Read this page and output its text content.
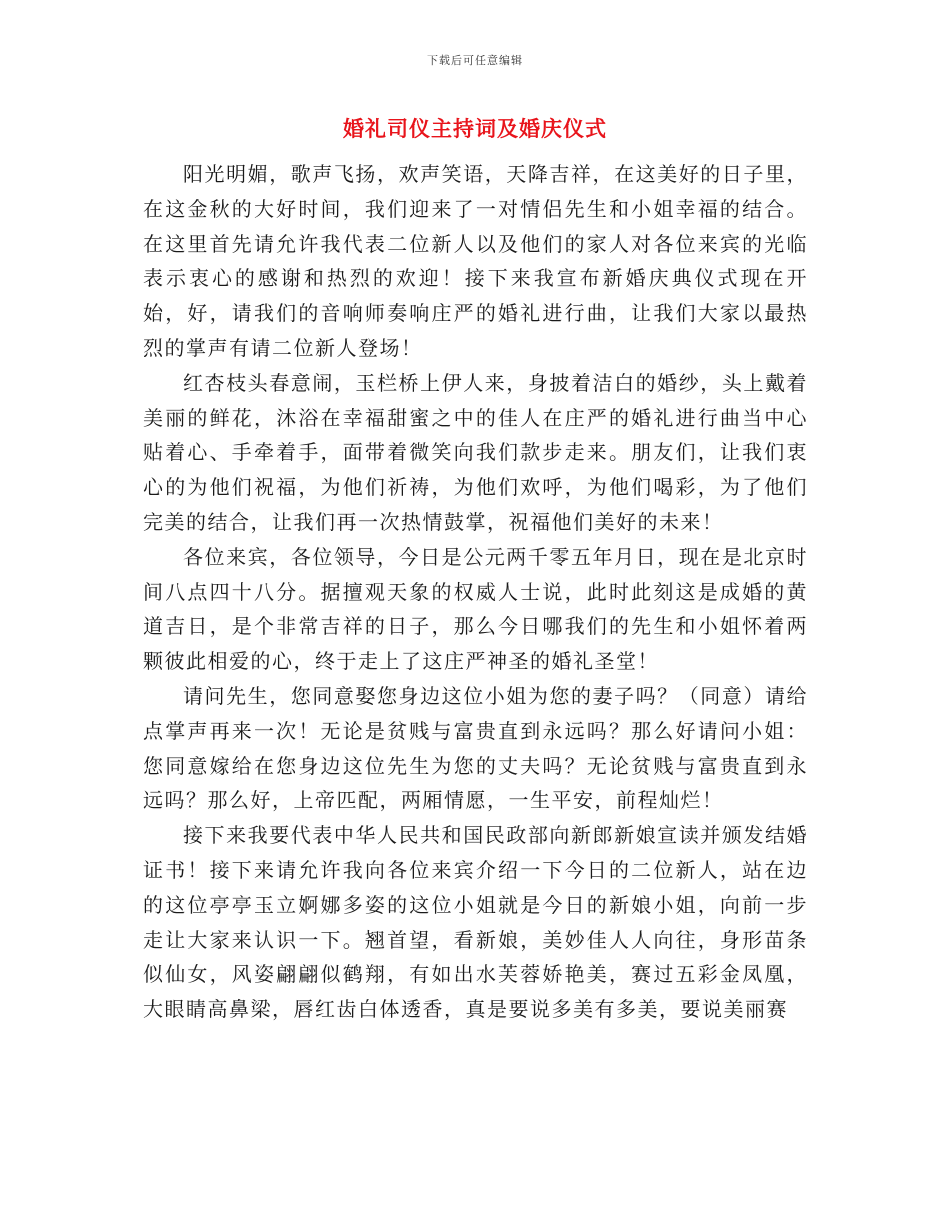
下载后可任意编辑
婚礼司仪主持词及婚庆仪式

阳光明媚，歌声飞扬，欢声笑语，天降吉祥，在这美好的日子里，在这金秋的大好时间，我们迎来了一对情侣先生和小姐幸福的结合。在这里首先请允许我代表二位新人以及他们的家人对各位来宾的光临表示衷心的感谢和热烈的欢迎！接下来我宣布新婚庆典仪式现在开始，好，请我们的音响师奏响庄严的婚礼进行曲，让我们大家以最热烈的掌声有请二位新人登场！

红杏枝头春意闹，玉栏桥上伊人来，身披着洁白的婚纱，头上戴着美丽的鲜花，沐浴在幸福甜蜜之中的佳人在庄严的婚礼进行曲当中心贴着心、手牵着手，面带着微笑向我们款步走来。朋友们，让我们衷心的为他们祝福，为他们祈祷，为他们欢呼，为他们喝彩，为了他们完美的结合，让我们再一次热情鼓掌，祝福他们美好的未来！

各位来宾，各位领导，今日是公元两千零五年月日，现在是北京时间八点四十八分。据擅观天象的权威人士说，此时此刻这是成婚的黄道吉日，是个非常吉祥的日子，那么今日哪我们的先生和小姐怀着两颗彼此相爱的心，终于走上了这庄严神圣的婚礼圣堂！

请问先生，您同意娶您身边这位小姐为您的妻子吗？（同意）请给点掌声再来一次！无论是贫贱与富贵直到永远吗？那么好请问小姐：您同意嫁给在您身边这位先生为您的丈夫吗？无论贫贱与富贵直到永远吗？那么好，上帝匹配，两厢情愿，一生平安，前程灿烂！

接下来我要代表中华人民共和国民政部向新郎新娘宣读并颁发结婚证书！接下来请允许我向各位来宾介绍一下今日的二位新人，站在边的这位亭亭玉立婀娜多姿的这位小姐就是今日的新娘小姐，向前一步走让大家来认识一下。翘首望，看新娘，美妙佳人人向往，身形苗条似仙女，风姿翩翩似鹤翔，有如出水芙蓉娇艳美，赛过五彩金凤凰，大眼睛高鼻梁，唇红齿白体透香，真是要说多美有多美，要说美丽赛
